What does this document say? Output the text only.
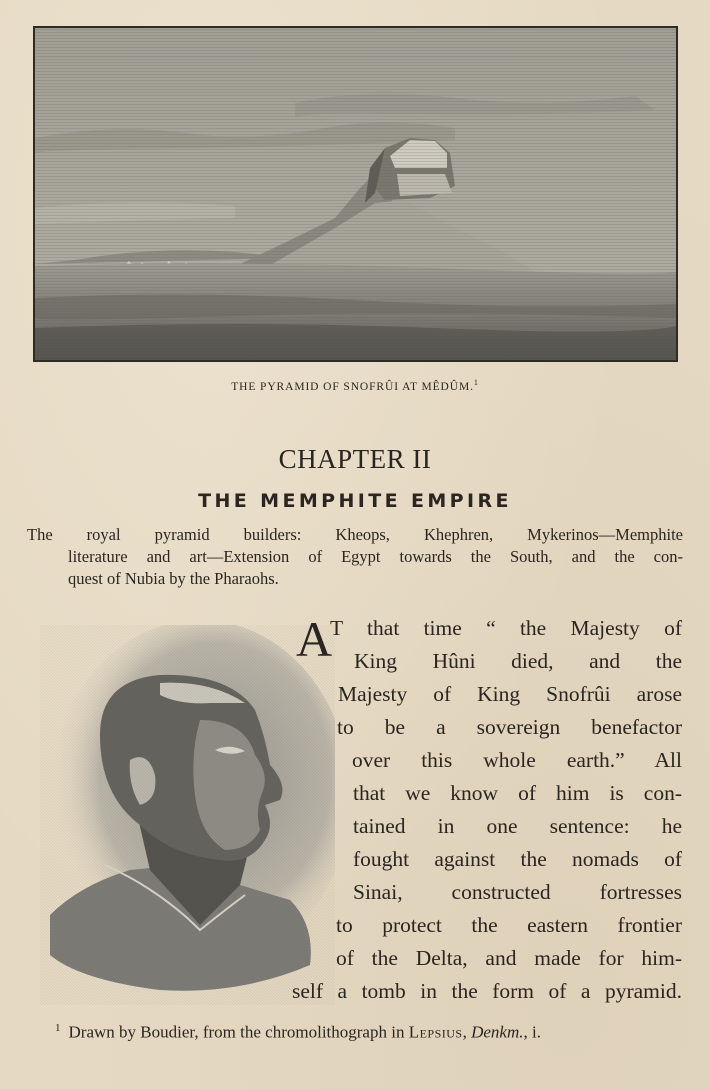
THE PYRAMID OF SNOFRÛI AT MÊDÛM.$^1$
CHAPTER II
THE MEMPHITE EMPIRE
The royal pyramid builders: Kheops, Khephren, Mykerinos—Memphite
literature and art—Extension of Egypt towards the South, and the con-
quest of Nubia by the Pharaohs.
A
T that time “ the Majesty of
King Hûni died, and the
Majesty of King Snofrûi arose
to be a sovereign benefactor
over this whole earth.” All
that we know of him is con-
tained in one sentence: he
fought against the nomads of
Sinai, constructed fortresses
to protect the eastern frontier
of the Delta, and made for him-
self a tomb in the form of a pyramid.
$^1$ Drawn by Boudier, from the chromolithograph in Lepsius, Denkm., i.
